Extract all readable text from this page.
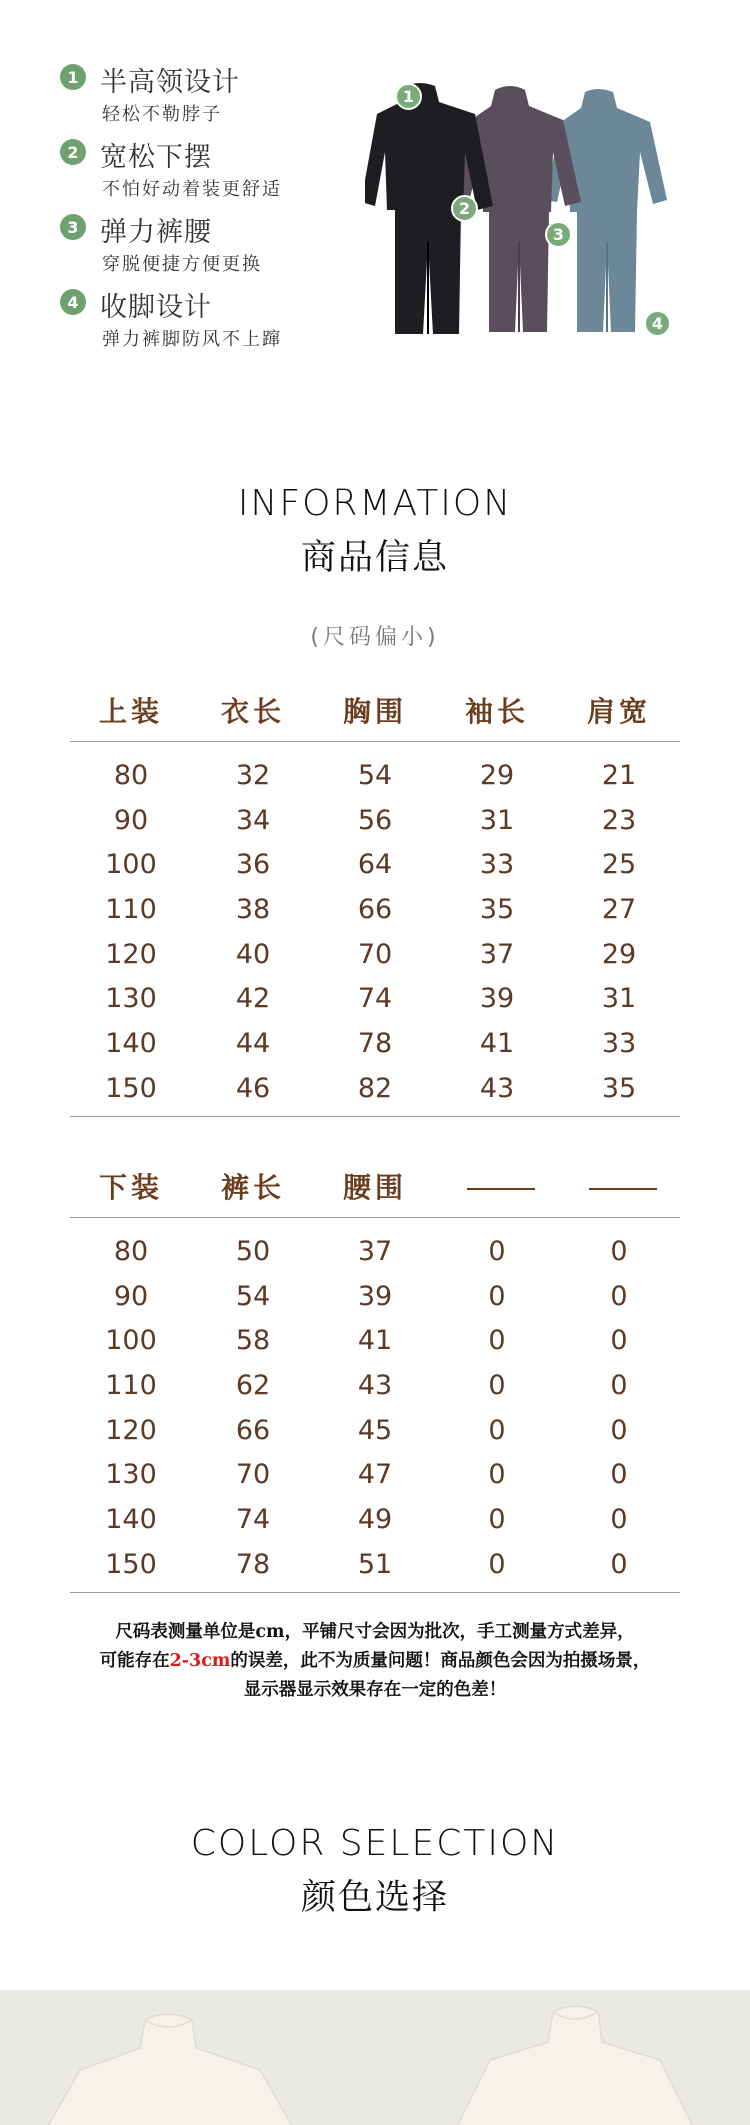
1 半高领设计
轻松不勒脖子
2 宽松下摆
不怕好动着装更舒适
3 弹力裤腰
穿脱便捷方便更换
4 收脚设计
弹力裤脚防风不上蹿
1
2
3
4
INFORMATION
商品信息
(尺码偏小)
上装	衣长	胸围	袖长	肩宽
80	32	54	29	21
90	34	56	31	23
100	36	64	33	25
110	38	66	35	27
120	40	70	37	29
130	42	74	39	31
140	44	78	41	33
150	46	82	43	35
下装	裤长	腰围
80	50	37	0	0
90	54	39	0	0
100	58	41	0	0
110	62	43	0	0
120	66	45	0	0
130	70	47	0	0
140	74	49	0	0
150	78	51	0	0
尺码表测量单位是cm，平铺尺寸会因为批次，手工测量方式差异，
可能存在2-3cm的误差，此不为质量问题！商品颜色会因为拍摄场景，
显示器显示效果存在一定的色差！
COLOR SELECTION
颜色选择
